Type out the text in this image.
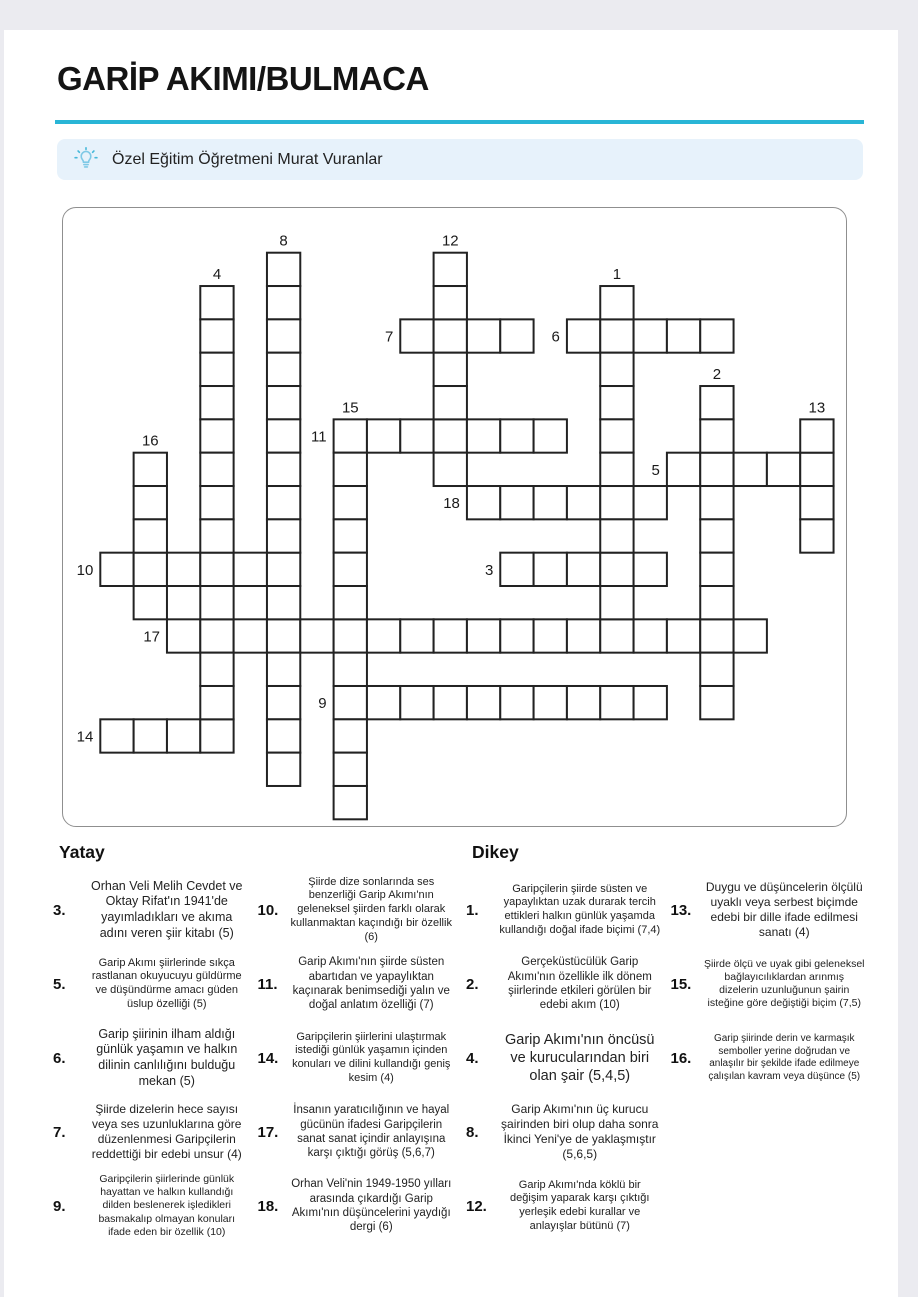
GARİP AKIMI/BULMACA
Özel Eğitim Öğretmeni Murat Vuranlar
7	6
11
5
18
10	3
17
9
14
8	12
4	1
2
15	13
16
Yatay
3.
Orhan Veli Melih Cevdet ve Oktay Rifat'ın 1941'de yayımladıkları ve akıma adını veren şiir kitabı (5)
5.
Garip Akımı şiirlerinde sıkça rastlanan okuyucuyu güldürme ve düşündürme amacı güden üslup özelliği (5)
6.
Garip şiirinin ilham aldığı günlük yaşamın ve halkın dilinin canlılığını bulduğu mekan (5)
7.
Şiirde dizelerin hece sayısı veya ses uzunluklarına göre düzenlenmesi Garipçilerin reddettiği bir edebi unsur (4)
9.
Garipçilerin şiirlerinde günlük hayattan ve halkın kullandığı dilden beslenerek işledikleri basmakalıp olmayan konuları ifade eden bir özellik (10)
10.
Şiirde dize sonlarında ses benzerliği Garip Akımı'nın geleneksel şiirden farklı olarak kullanmaktan kaçındığı bir özellik (6)
11.
Garip Akımı'nın şiirde süsten abartıdan ve yapaylıktan kaçınarak benimsediği yalın ve doğal anlatım özelliği (7)
14.
Garipçilerin şiirlerini ulaştırmak istediği günlük yaşamın içinden konuları ve dilini kullandığı geniş kesim (4)
17.
İnsanın yaratıcılığının ve hayal gücünün ifadesi Garipçilerin sanat sanat içindir anlayışına karşı çıktığı görüş (5,6,7)
18.
Orhan Veli'nin 1949-1950 yılları arasında çıkardığı Garip Akımı'nın düşüncelerini yaydığı dergi (6)
Dikey
1.
Garipçilerin şiirde süsten ve yapaylıktan uzak durarak tercih ettikleri halkın günlük yaşamda kullandığı doğal ifade biçimi (7,4)
2.
Gerçeküstücülük Garip Akımı'nın özellikle ilk dönem şiirlerinde etkileri görülen bir edebi akım (10)
4.
Garip Akımı'nın öncüsü ve kurucularından biri olan şair (5,4,5)
8.
Garip Akımı'nın üç kurucu şairinden biri olup daha sonra İkinci Yeni'ye de yaklaşmıştır (5,6,5)
12.
Garip Akımı'nda köklü bir değişim yaparak karşı çıktığı yerleşik edebi kurallar ve anlayışlar bütünü (7)
13.
Duygu ve düşüncelerin ölçülü uyaklı veya serbest biçimde edebi bir dille ifade edilmesi sanatı (4)
15.
Şiirde ölçü ve uyak gibi geleneksel bağlayıcılıklardan arınmış dizelerin uzunluğunun şairin isteğine göre değiştiği biçim (7,5)
16.
Garip şiirinde derin ve karmaşık semboller yerine doğrudan ve anlaşılır bir şekilde ifade edilmeye çalışılan kavram veya düşünce (5)
